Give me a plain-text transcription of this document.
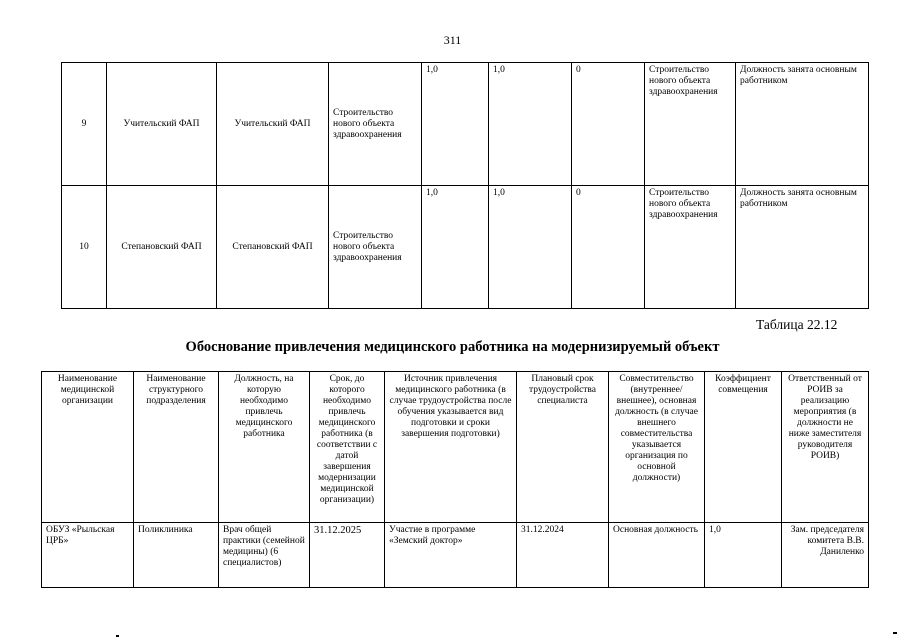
311
9	Учительский ФАП	Учительский ФАП	Строительство нового объекта здравоохранения	1,0	1,0	0	Строительство нового объекта здравоохранения	Должность занята основным работником
10	Степановский ФАП	Степановский ФАП	Строительство нового объекта здравоохранения	1,0	1,0	0	Строительство нового объекта здравоохранения	Должность занята основным работником
Таблица 22.12
Обоснование привлечения медицинского работника на модернизируемый объект
Наименование медицинской организации	Наименование структурного подразделения	Должность, на которую необходимо привлечь медицинского работника	Срок, до которого необходимо привлечь медицинского работника (в соответствии с датой завершения модернизации медицинской организации)	Источник привлечения медицинского работника (в случае трудоустройства после обучения указывается вид подготовки и сроки завершения подготовки)	Плановый срок трудоустройства специалиста	Совместительство (внутреннее/внешнее), основная должность (в случае внешнего совместительства указывается организация по основной должности)	Коэффициент совмещения	Ответственный от РОИВ за реализацию мероприятия (в должности не ниже заместителя руководителя РОИВ)
ОБУЗ «Рыльская ЦРБ»	Поликлиника	Врач общей практики (семейной медицины) (6 специалистов)	31.12.2025	Участие в программе «Земский доктор»	31.12.2024	Основная должность	1,0	Зам. председателя комитета В.В. Даниленко
